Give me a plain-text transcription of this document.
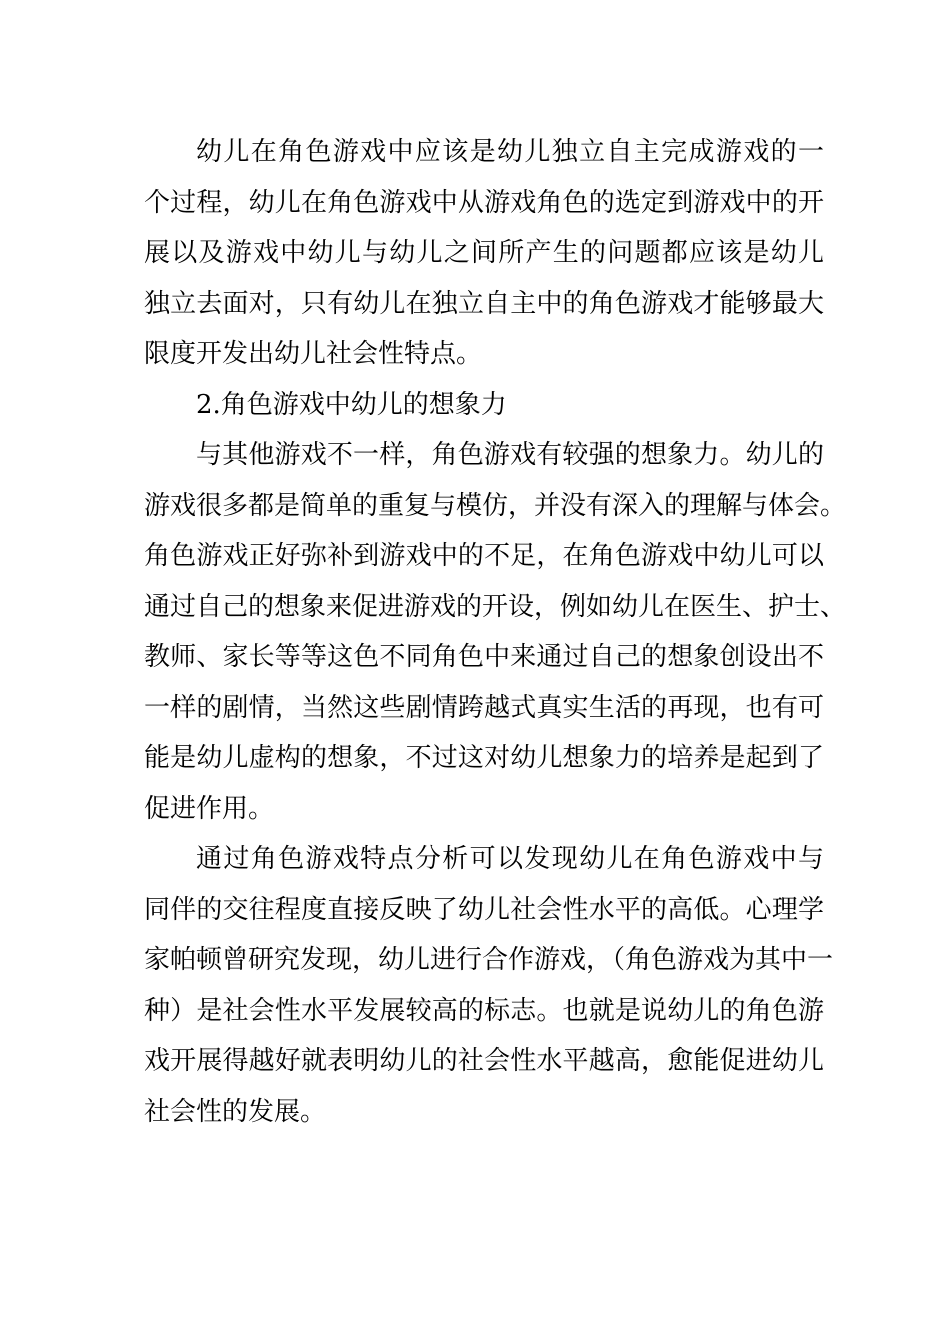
幼儿在角色游戏中应该是幼儿独立自主完成游戏的一
个过程，幼儿在角色游戏中从游戏角色的选定到游戏中的开
展以及游戏中幼儿与幼儿之间所产生的问题都应该是幼儿
独立去面对，只有幼儿在独立自主中的角色游戏才能够最大
限度开发出幼儿社会性特点。
2.角色游戏中幼儿的想象力
与其他游戏不一样，角色游戏有较强的想象力。幼儿的
游戏很多都是简单的重复与模仿，并没有深入的理解与体会。
角色游戏正好弥补到游戏中的不足，在角色游戏中幼儿可以
通过自己的想象来促进游戏的开设，例如幼儿在医生、护士、
教师、家长等等这色不同角色中来通过自己的想象创设出不
一样的剧情，当然这些剧情跨越式真实生活的再现，也有可
能是幼儿虚构的想象，不过这对幼儿想象力的培养是起到了
促进作用。
通过角色游戏特点分析可以发现幼儿在角色游戏中与
同伴的交往程度直接反映了幼儿社会性水平的高低。心理学
家帕顿曾研究发现，幼儿进行合作游戏，（角色游戏为其中一
种）是社会性水平发展较高的标志。也就是说幼儿的角色游
戏开展得越好就表明幼儿的社会性水平越高，愈能促进幼儿
社会性的发展。
